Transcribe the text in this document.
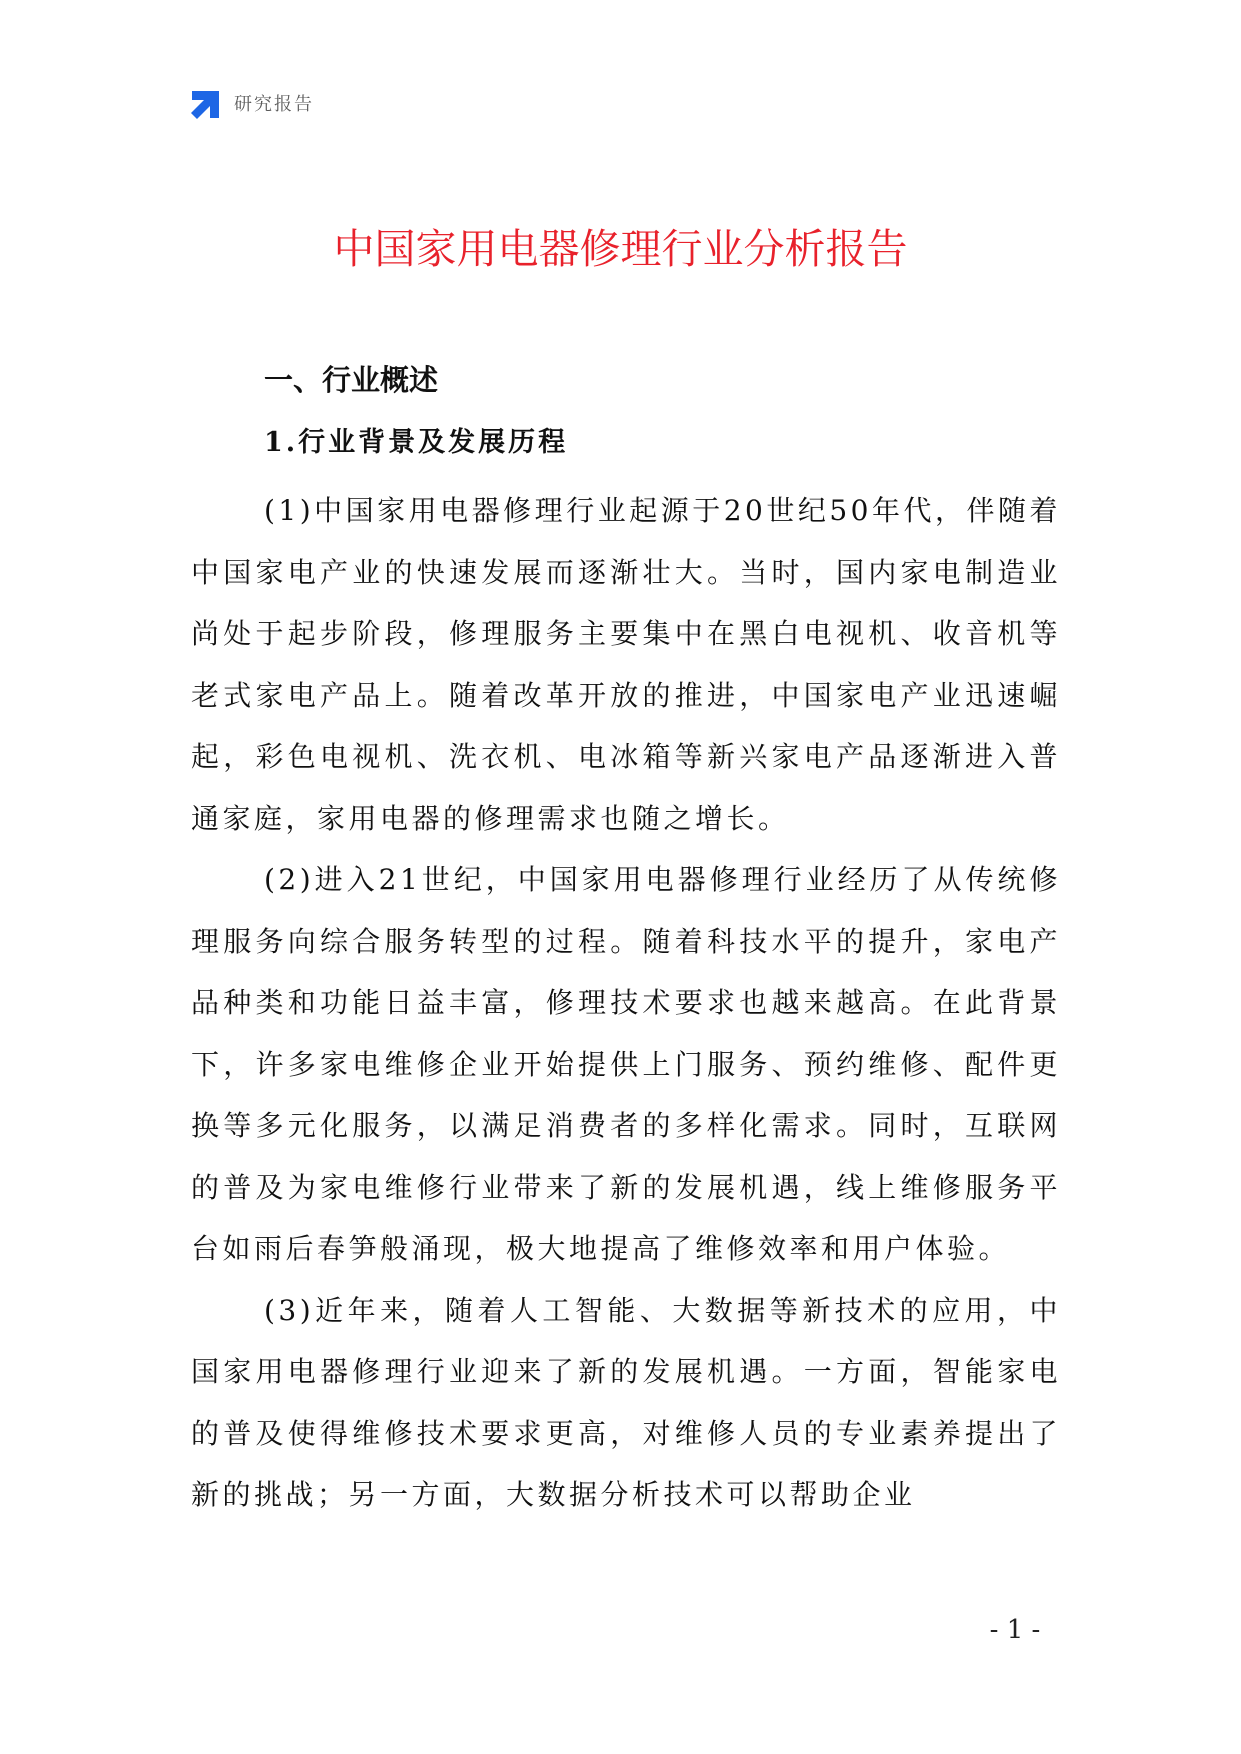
研究报告
中国家用电器修理行业分析报告
一、行业概述
1.行业背景及发展历程

(1)中国家用电器修理行业起源于20世纪50年代，伴随着中国家电产业的快速发展而逐渐壮大。当时，国内家电制造业尚处于起步阶段，修理服务主要集中在黑白电视机、收音机等老式家电产品上。随着改革开放的推进，中国家电产业迅速崛起，彩色电视机、洗衣机、电冰箱等新兴家电产品逐渐进入普通家庭，家用电器的修理需求也随之增长。

(2)进入21世纪，中国家用电器修理行业经历了从传统修理服务向综合服务转型的过程。随着科技水平的提升，家电产品种类和功能日益丰富，修理技术要求也越来越高。在此背景下，许多家电维修企业开始提供上门服务、预约维修、配件更换等多元化服务，以满足消费者的多样化需求。同时，互联网的普及为家电维修行业带来了新的发展机遇，线上维修服务平台如雨后春笋般涌现，极大地提高了维修效率和用户体验。

(3)近年来，随着人工智能、大数据等新技术的应用，中国家用电器修理行业迎来了新的发展机遇。一方面，智能家电的普及使得维修技术要求更高，对维修人员的专业素养提出了新的挑战；另一方面，大数据分析技术可以帮助企业

- 1 -
